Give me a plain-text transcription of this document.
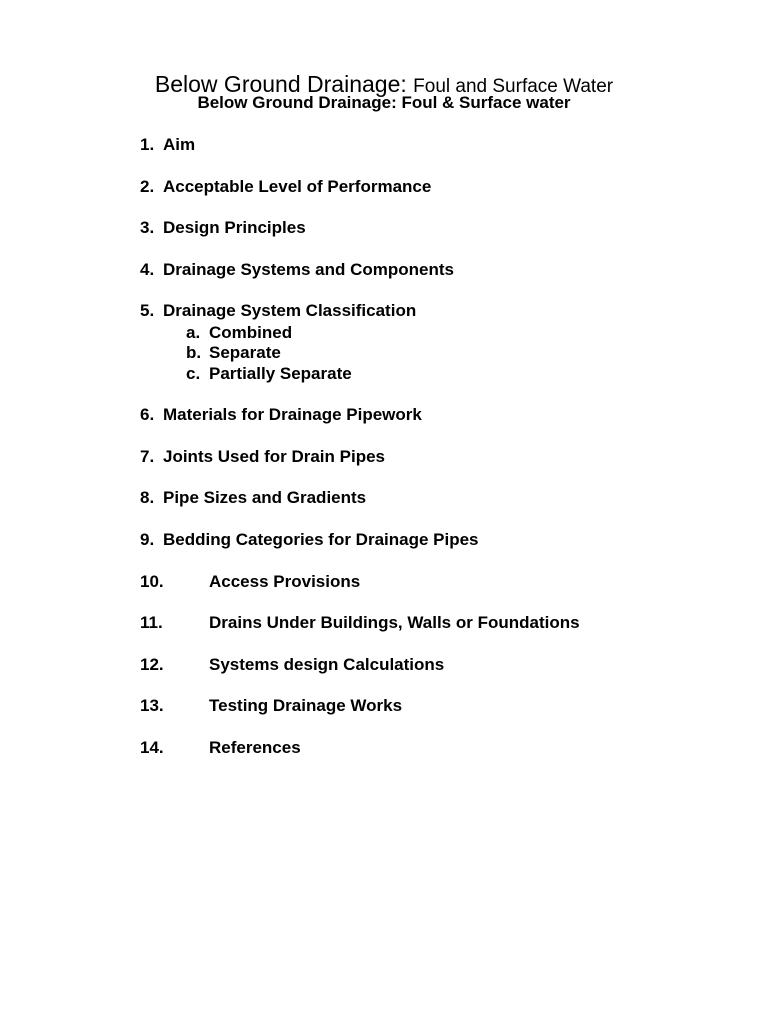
Below Ground Drainage: Foul and Surface Water
Below Ground Drainage: Foul & Surface water
1. Aim
2. Acceptable Level of Performance
3. Design Principles
4. Drainage Systems and Components
5. Drainage System Classification
a. Combined
b. Separate
c. Partially Separate
6. Materials for Drainage Pipework
7. Joints Used for Drain Pipes
8. Pipe Sizes and Gradients
9. Bedding Categories for Drainage Pipes
10.	Access Provisions
11.	Drains Under Buildings, Walls or Foundations
12.	Systems design Calculations
13.	Testing Drainage Works
14.	References
